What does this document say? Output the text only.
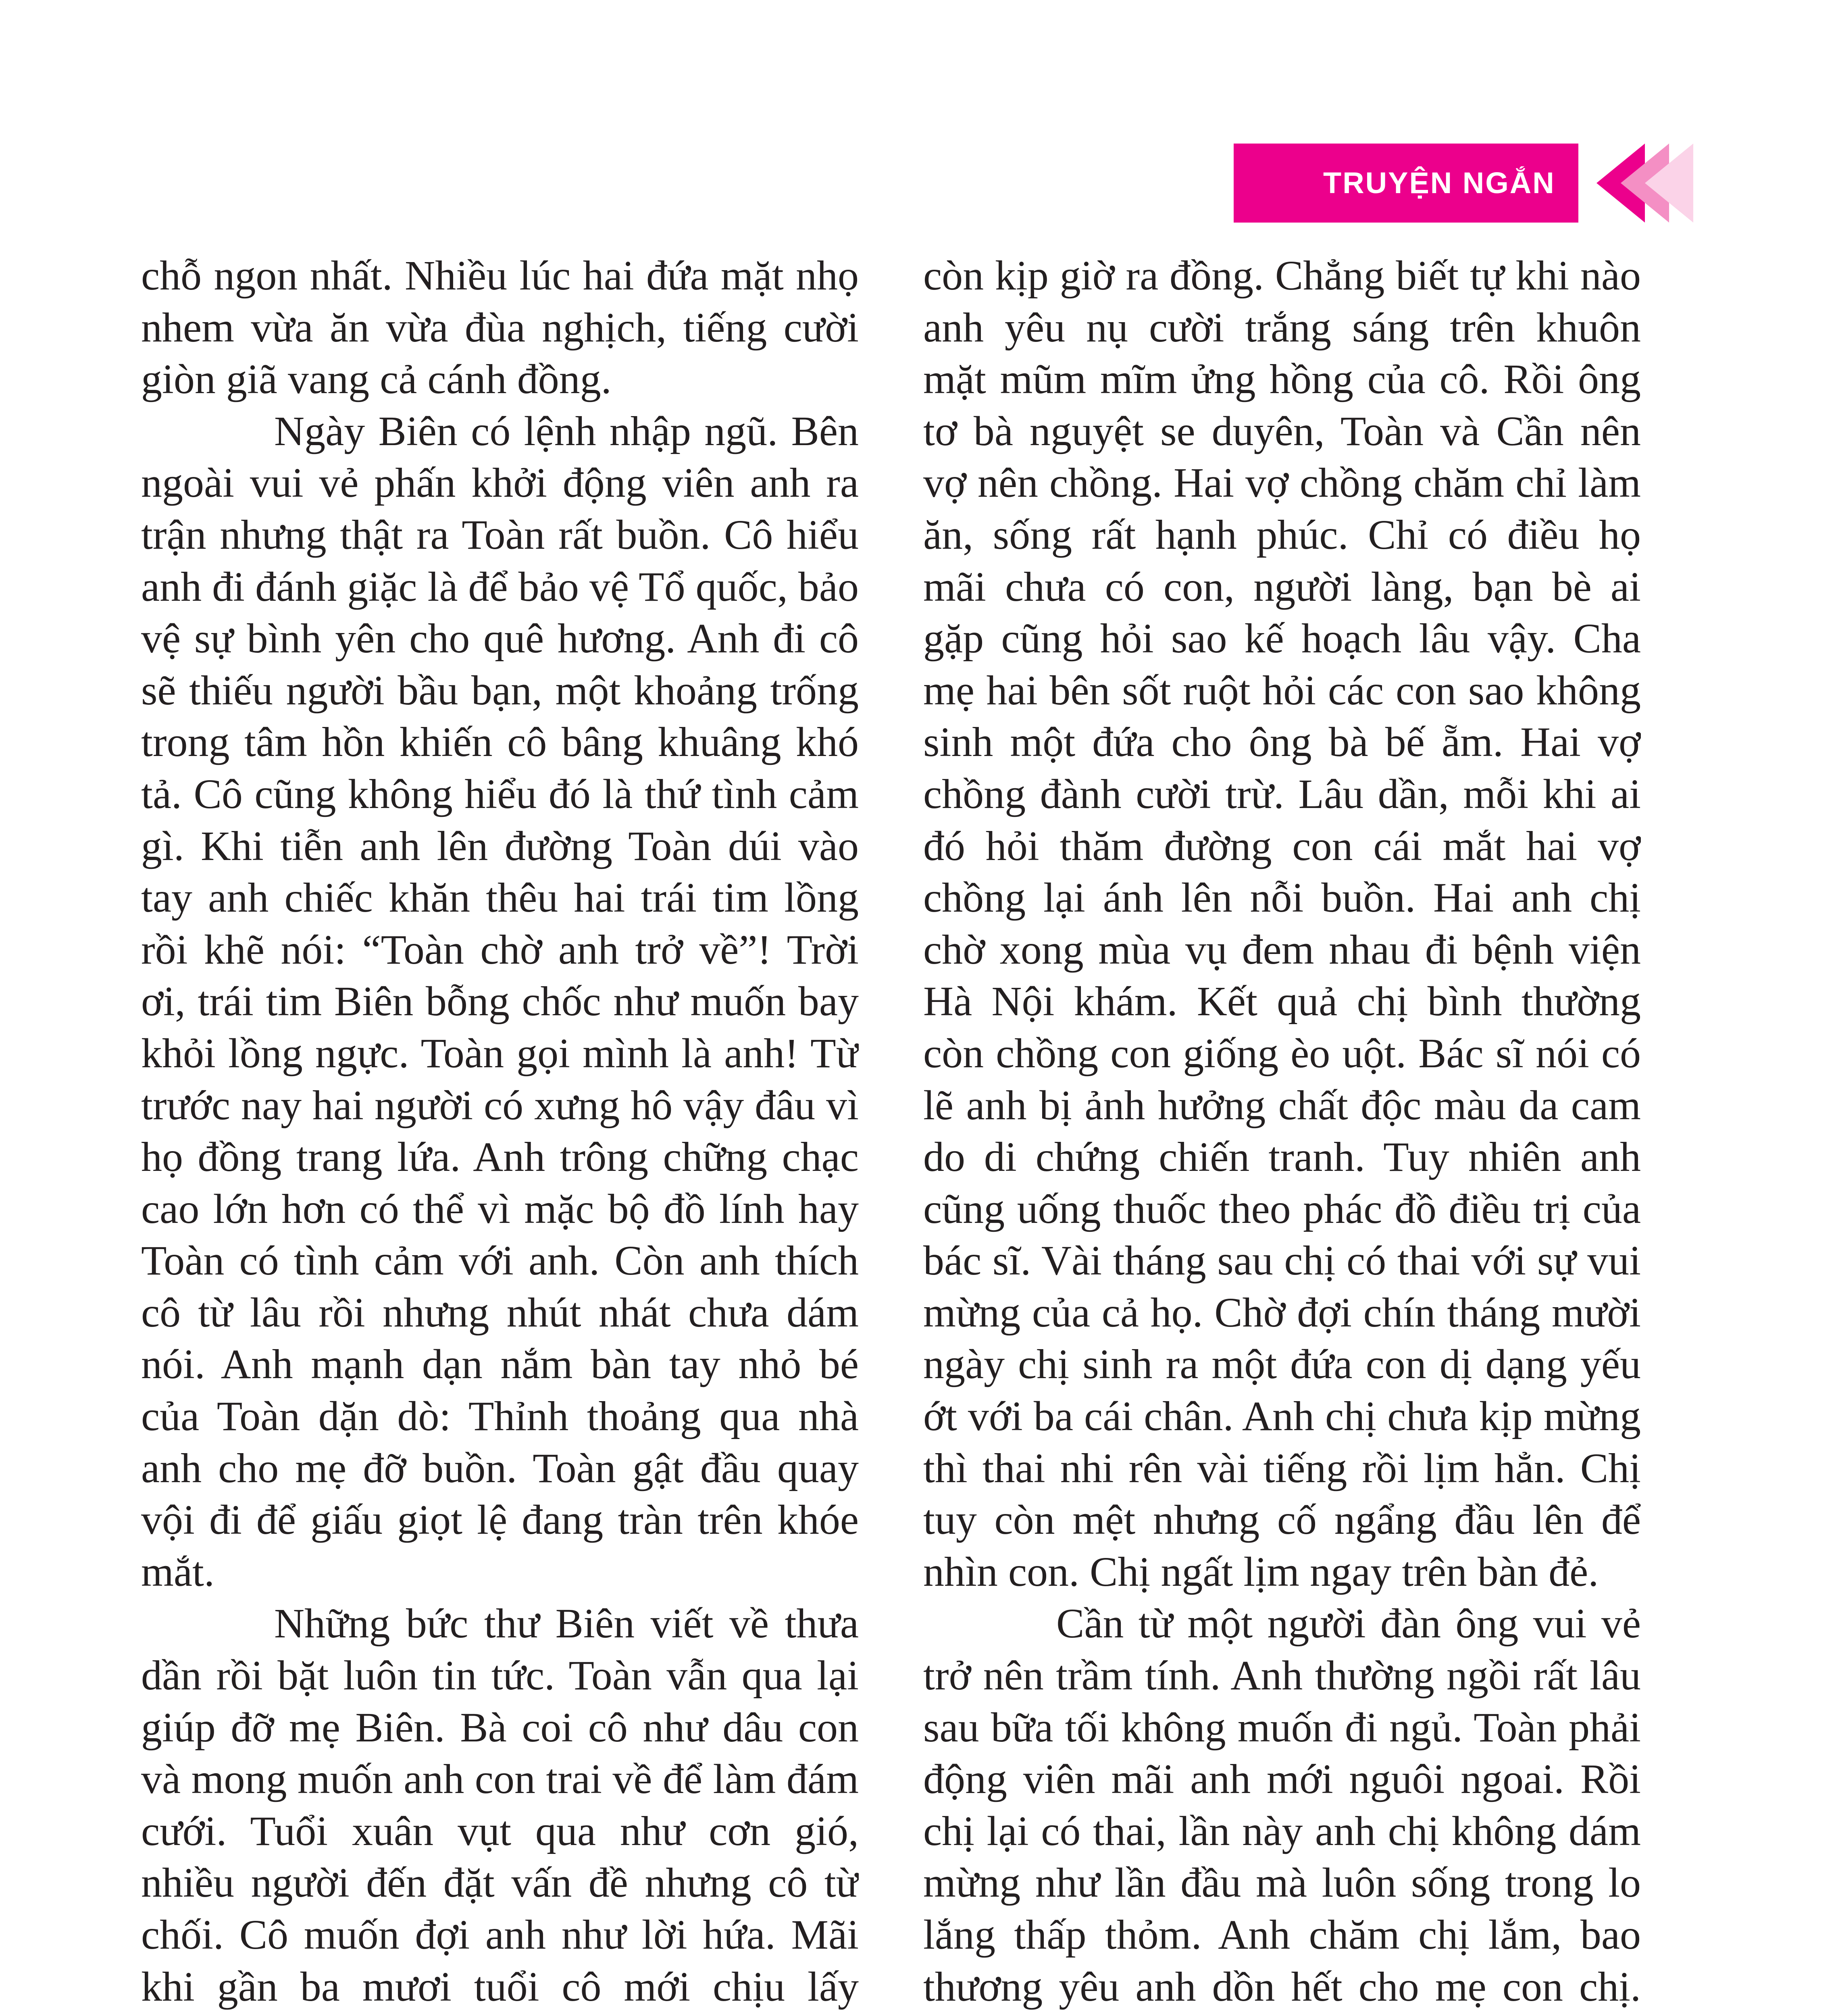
TRUYỆN NGẮN

chỗ ngon nhất. Nhiều lúc hai đứa mặt nhọ nhem vừa ăn vừa đùa nghịch, tiếng cười giòn giã vang cả cánh đồng.

Ngày Biên có lệnh nhập ngũ. Bên ngoài vui vẻ phấn khởi động viên anh ra trận nhưng thật ra Toàn rất buồn. Cô hiểu anh đi đánh giặc là để bảo vệ Tổ quốc, bảo vệ sự bình yên cho quê hương. Anh đi cô sẽ thiếu người bầu bạn, một khoảng trống trong tâm hồn khiến cô bâng khuâng khó tả. Cô cũng không hiểu đó là thứ tình cảm gì. Khi tiễn anh lên đường Toàn dúi vào tay anh chiếc khăn thêu hai trái tim lồng rồi khẽ nói: “Toàn chờ anh trở về”! Trời ơi, trái tim Biên bỗng chốc như muốn bay khỏi lồng ngực. Toàn gọi mình là anh! Từ trước nay hai người có xưng hô vậy đâu vì họ đồng trang lứa. Anh trông chững chạc cao lớn hơn có thể vì mặc bộ đồ lính hay Toàn có tình cảm với anh. Còn anh thích cô từ lâu rồi nhưng nhút nhát chưa dám nói. Anh mạnh dạn nắm bàn tay nhỏ bé của Toàn dặn dò: Thỉnh thoảng qua nhà anh cho mẹ đỡ buồn. Toàn gật đầu quay vội đi để giấu giọt lệ đang tràn trên khóe mắt.

Những bức thư Biên viết về thưa dần rồi bặt luôn tin tức. Toàn vẫn qua lại giúp đỡ mẹ Biên. Bà coi cô như dâu con và mong muốn anh con trai về để làm đám cưới. Tuổi xuân vụt qua như cơn gió, nhiều người đến đặt vấn đề nhưng cô từ chối. Cô muốn đợi anh như lời hứa. Mãi khi gần ba mươi tuổi cô mới chịu lấy

còn kịp giờ ra đồng. Chẳng biết tự khi nào anh yêu nụ cười trắng sáng trên khuôn mặt mũm mĩm ửng hồng của cô. Rồi ông tơ bà nguyệt se duyên, Toàn và Cần nên vợ nên chồng. Hai vợ chồng chăm chỉ làm ăn, sống rất hạnh phúc. Chỉ có điều họ mãi chưa có con, người làng, bạn bè ai gặp cũng hỏi sao kế hoạch lâu vậy. Cha mẹ hai bên sốt ruột hỏi các con sao không sinh một đứa cho ông bà bế ẵm. Hai vợ chồng đành cười trừ. Lâu dần, mỗi khi ai đó hỏi thăm đường con cái mắt hai vợ chồng lại ánh lên nỗi buồn. Hai anh chị chờ xong mùa vụ đem nhau đi bệnh viện Hà Nội khám. Kết quả chị bình thường còn chồng con giống èo uột. Bác sĩ nói có lẽ anh bị ảnh hưởng chất độc màu da cam do di chứng chiến tranh. Tuy nhiên anh cũng uống thuốc theo phác đồ điều trị của bác sĩ. Vài tháng sau chị có thai với sự vui mừng của cả họ. Chờ đợi chín tháng mười ngày chị sinh ra một đứa con dị dạng yếu ớt với ba cái chân. Anh chị chưa kịp mừng thì thai nhi rên vài tiếng rồi lịm hẳn. Chị tuy còn mệt nhưng cố ngẩng đầu lên để nhìn con. Chị ngất lịm ngay trên bàn đẻ.

Cần từ một người đàn ông vui vẻ trở nên trầm tính. Anh thường ngồi rất lâu sau bữa tối không muốn đi ngủ. Toàn phải động viên mãi anh mới nguôi ngoai. Rồi chị lại có thai, lần này anh chị không dám mừng như lần đầu mà luôn sống trong lo lắng thấp thỏm. Anh chăm chị lắm, bao thương yêu anh dồn hết cho mẹ con chị.
